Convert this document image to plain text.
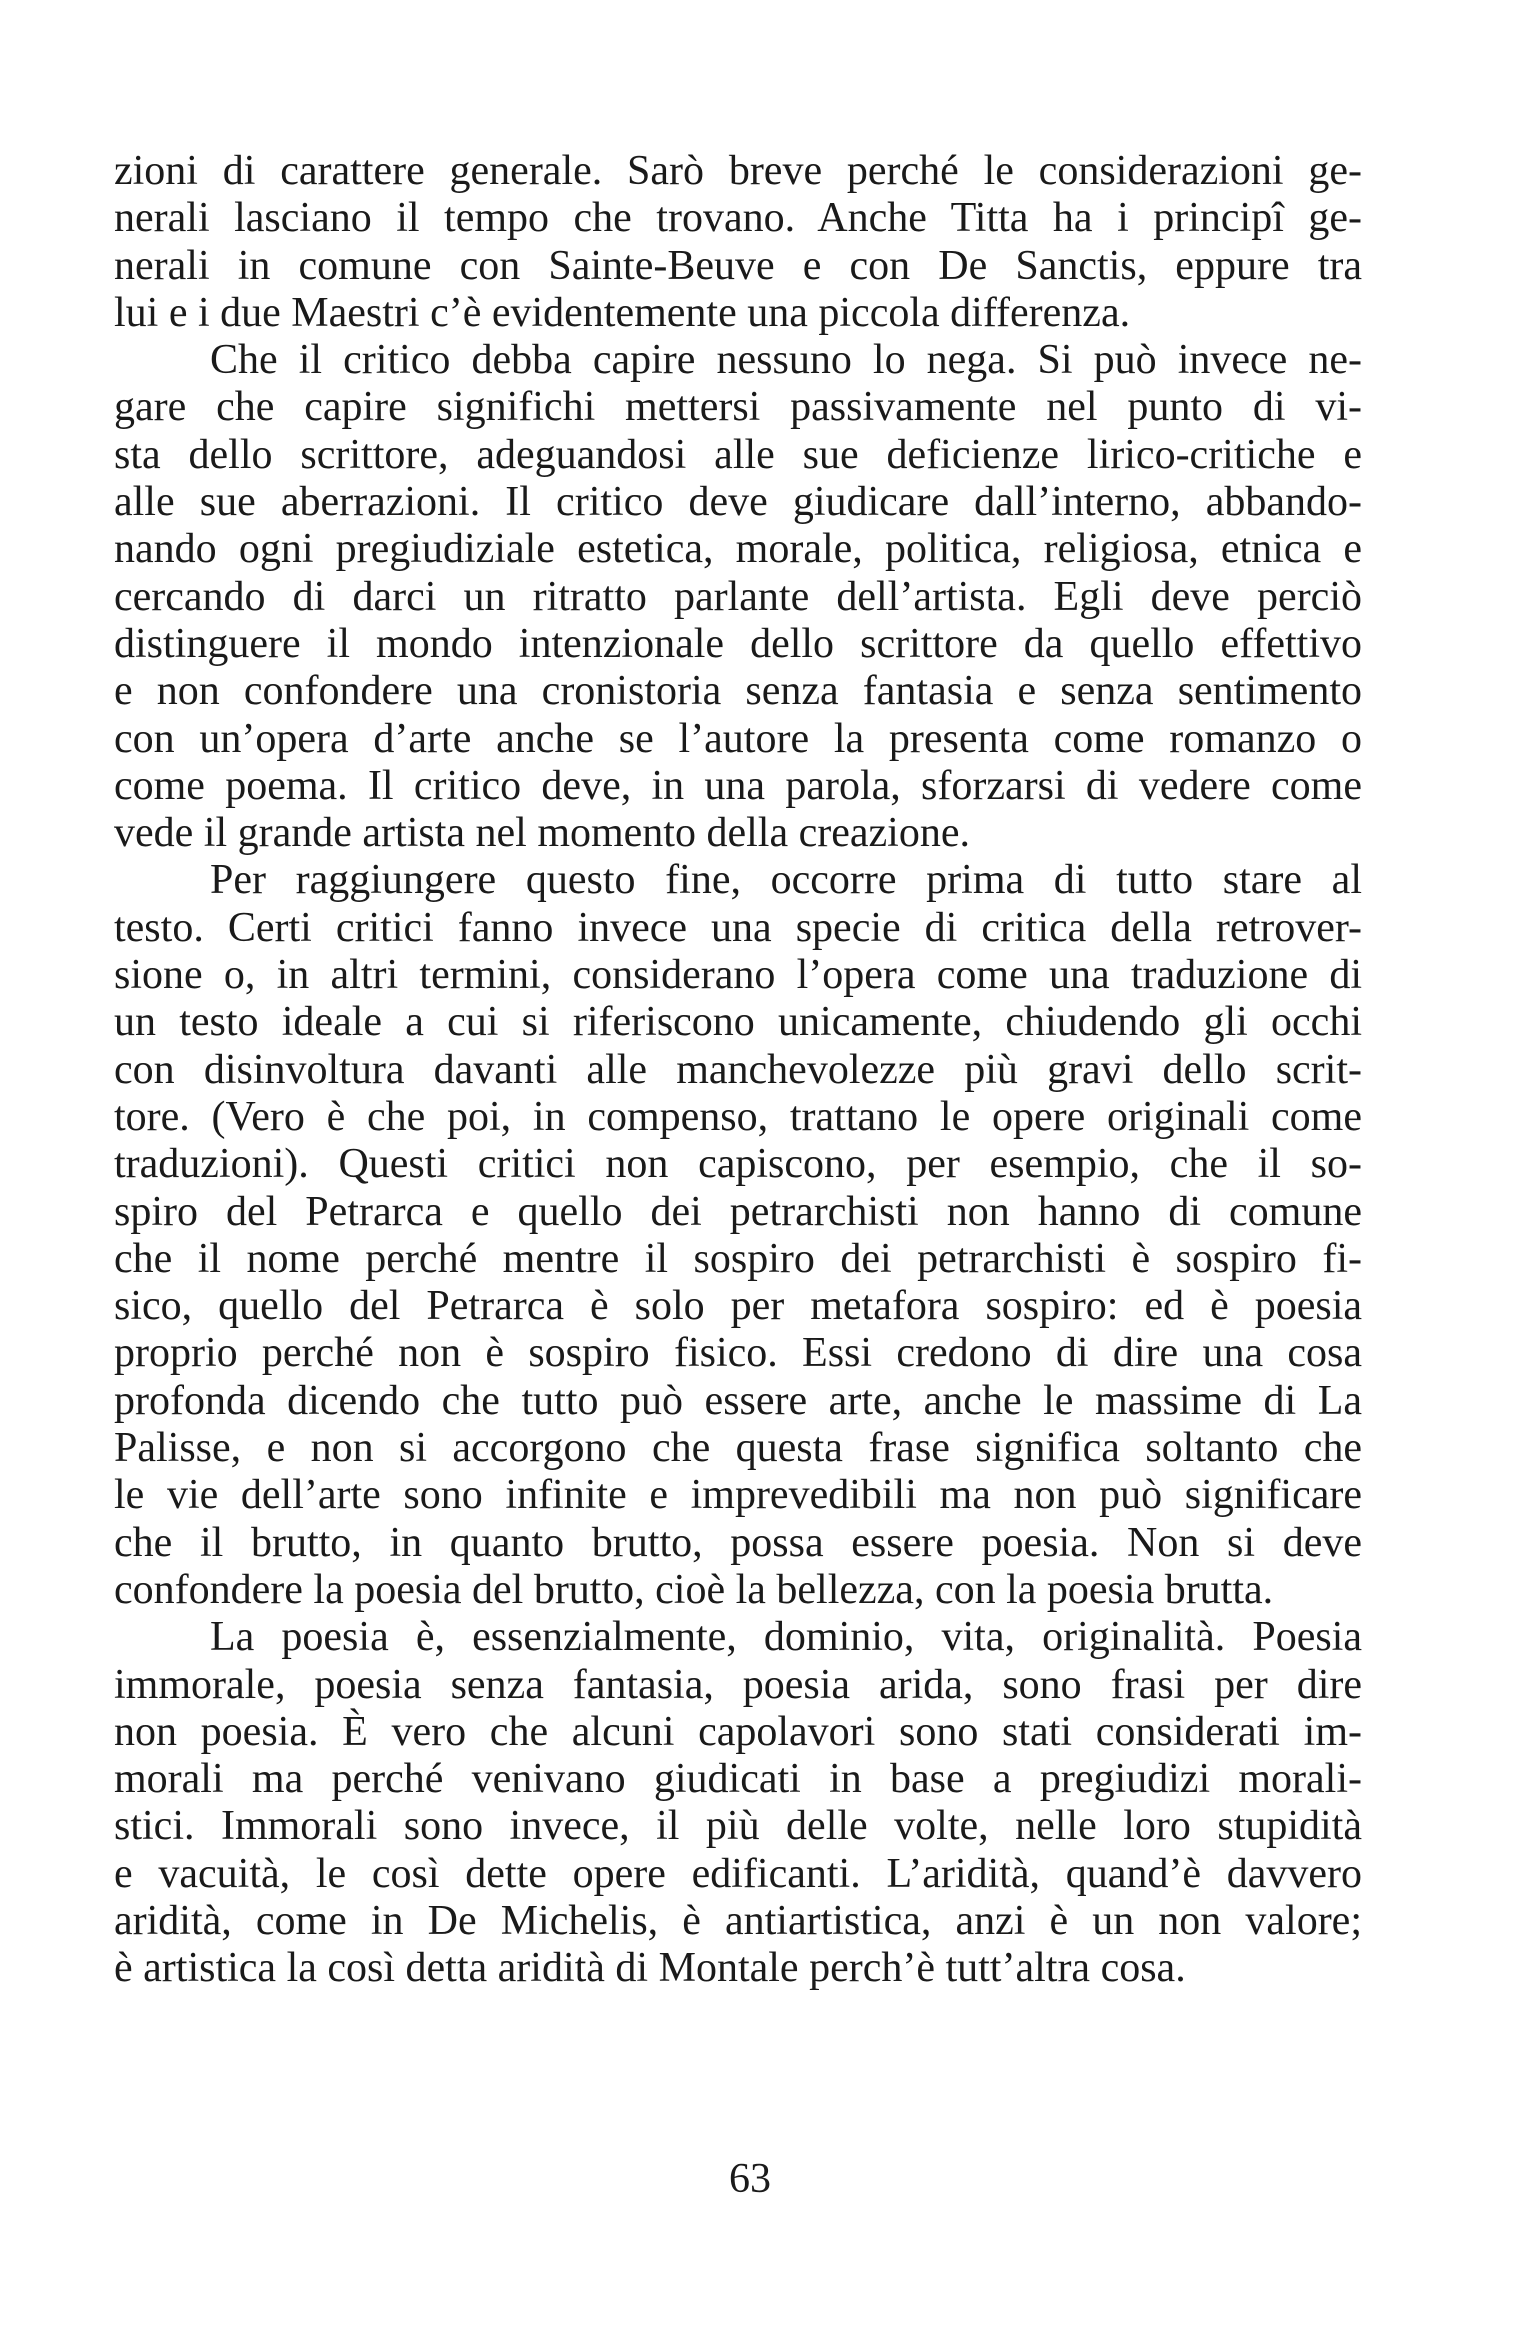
zioni di carattere generale. Sarò breve perché le considerazioni ge-
nerali lasciano il tempo che trovano. Anche Titta ha i principî ge-
nerali in comune con Sainte-Beuve e con De Sanctis, eppure tra
lui e i due Maestri c’è evidentemente una piccola differenza.
Che il critico debba capire nessuno lo nega. Si può invece ne-
gare che capire significhi mettersi passivamente nel punto di vi-
sta dello scrittore, adeguandosi alle sue deficienze lirico-critiche e
alle sue aberrazioni. Il critico deve giudicare dall’interno, abbando-
nando ogni pregiudiziale estetica, morale, politica, religiosa, etnica e
cercando di darci un ritratto parlante dell’artista. Egli deve perciò
distinguere il mondo intenzionale dello scrittore da quello effettivo
e non confondere una cronistoria senza fantasia e senza sentimento
con un’opera d’arte anche se l’autore la presenta come romanzo o
come poema. Il critico deve, in una parola, sforzarsi di vedere come
vede il grande artista nel momento della creazione.
Per raggiungere questo fine, occorre prima di tutto stare al
testo. Certi critici fanno invece una specie di critica della retrover-
sione o, in altri termini, considerano l’opera come una traduzione di
un testo ideale a cui si riferiscono unicamente, chiudendo gli occhi
con disinvoltura davanti alle manchevolezze più gravi dello scrit-
tore. (Vero è che poi, in compenso, trattano le opere originali come
traduzioni). Questi critici non capiscono, per esempio, che il so-
spiro del Petrarca e quello dei petrarchisti non hanno di comune
che il nome perché mentre il sospiro dei petrarchisti è sospiro fi-
sico, quello del Petrarca è solo per metafora sospiro: ed è poesia
proprio perché non è sospiro fisico. Essi credono di dire una cosa
profonda dicendo che tutto può essere arte, anche le massime di La
Palisse, e non si accorgono che questa frase significa soltanto che
le vie dell’arte sono infinite e imprevedibili ma non può significare
che il brutto, in quanto brutto, possa essere poesia. Non si deve
confondere la poesia del brutto, cioè la bellezza, con la poesia brutta.
La poesia è, essenzialmente, dominio, vita, originalità. Poesia
immorale, poesia senza fantasia, poesia arida, sono frasi per dire
non poesia. È vero che alcuni capolavori sono stati considerati im-
morali ma perché venivano giudicati in base a pregiudizi morali-
stici. Immorali sono invece, il più delle volte, nelle loro stupidità
e vacuità, le così dette opere edificanti. L’aridità, quand’è davvero
aridità, come in De Michelis, è antiartistica, anzi è un non valore;
è artistica la così detta aridità di Montale perch’è tutt’altra cosa.
63
